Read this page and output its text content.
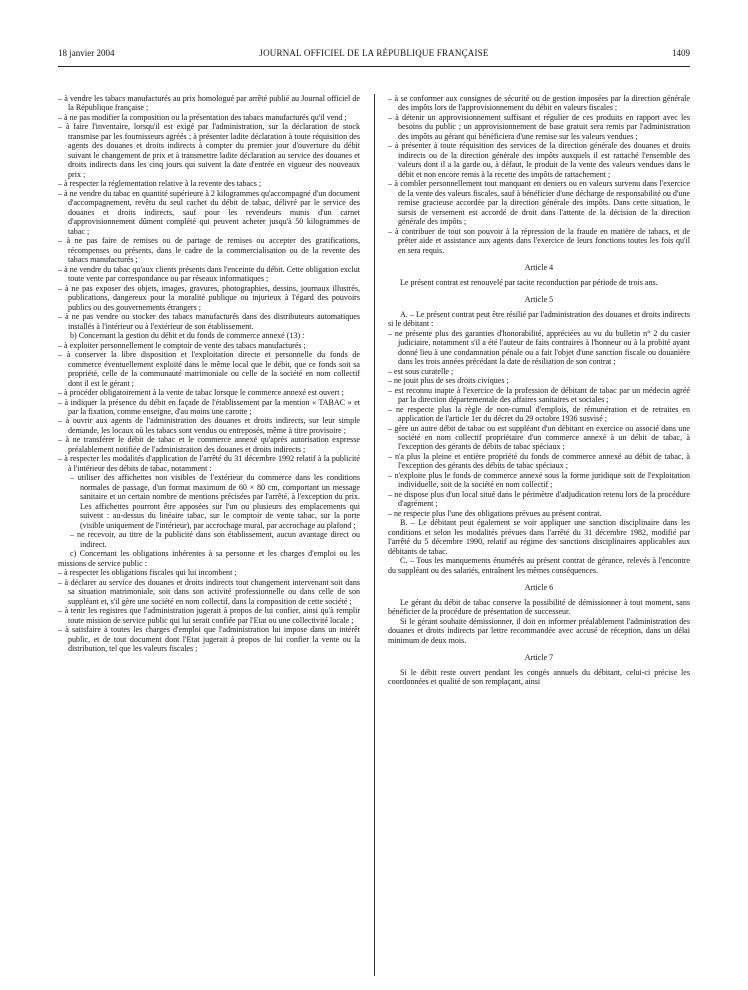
18 janvier 2004	JOURNAL OFFICIEL DE LA RÉPUBLIQUE FRANÇAISE	1409

– à vendre les tabacs manufacturés au prix homologué par arrêté publié au Journal officiel de la République française ;

– à ne pas modifier la composition ou la présentation des tabacs manufacturés qu'il vend ;

– à faire l'inventaire, lorsqu'il est exigé par l'administration, sur la déclaration de stock transmise par les fournisseurs agréés ; à présenter ladite déclaration à toute réquisition des agents des douanes et droits indirects à compter du premier jour d'ouverture du débit suivant le changement de prix et à transmettre ladite déclaration au service des douanes et droits indirects dans les cinq jours qui suivent la date d'entrée en vigueur des nouveaux prix ;

– à respecter la réglementation relative à la revente des tabacs ;

– à ne vendre du tabac en quantité supérieure à 2 kilogrammes qu'accompagné d'un document d'accompagnement, revêtu du seul cachet du débit de tabac, délivré par le service des douanes et droits indirects, sauf pour les revendeurs munis d'un carnet d'approvisionnement dûment complété qui peuvent acheter jusqu'à 50 kilogrammes de tabac ;

– à ne pas faire de remises ou de partage de remises ou accepter des gratifications, récompenses ou présents, dans le cadre de la commercialisation ou de la revente des tabacs manufacturés ;

– à ne vendre du tabac qu'aux clients présents dans l'enceinte du débit. Cette obligation exclut toute vente par correspondance ou par réseaux informatiques ;

– à ne pas exposer des objets, images, gravures, photographies, dessins, journaux illustrés, publications, dangereux pour la moralité publique ou injurieux à l'égard des pouvoirs publics ou des gouvernements étrangers ;

– à ne pas vendre ou stocker des tabacs manufacturés dans des distributeurs automatiques installés à l'intérieur ou à l'extérieur de son établissement.

b) Concernant la gestion du débit et du fonds de commerce annexé (13) :

– à exploiter personnellement le comptoir de vente des tabacs manufacturés ;

– à conserver la libre disposition et l'exploitation directe et personnelle du fonds de commerce éventuellement exploité dans le même local que le débit, que ce fonds soit sa propriété, celle de la communauté matrimoniale ou celle de la société en nom collectif dont il est le gérant ;

– à procéder obligatoirement à la vente de tabac lorsque le commerce annexé est ouvert ;

– à indiquer la présence du débit en façade de l'établissement par la mention « TABAC » et par la fixation, comme enseigne, d'au moins une carotte ;

– à ouvrir aux agents de l'administration des douanes et droits indirects, sur leur simple demande, les locaux où les tabacs sont vendus ou entreposés, même à titre provisoire ;

– à ne transférer le débit de tabac et le commerce annexé qu'après autorisation expresse préalablement notifiée de l'administration des douanes et droits indirects ;

– à respecter les modalités d'application de l'arrêté du 31 décembre 1992 relatif à la publicité à l'intérieur des débits de tabac, notamment :

– utiliser des affichettes non visibles de l'extérieur du commerce dans les conditions normales de passage, d'un format maximum de 60 × 80 cm, comportant un message sanitaire et un certain nombre de mentions précisées par l'arrêté, à l'exception du prix. Les affichettes pourront être apposées sur l'un ou plusieurs des emplacements qui suivent : au-dessus du linéaire tabac, sur le comptoir de vente tabac, sur la porte (visible uniquement de l'intérieur), par accrochage mural, par accrochage au plafond ;

– ne recevoir, au titre de la publicité dans son établissement, aucun avantage direct ou indirect.

c) Concernant les obligations inhérentes à sa personne et les charges d'emploi ou les missions de service public :

– à respecter les obligations fiscales qui lui incombent ;

– à déclarer au service des douanes et droits indirects tout changement intervenant soit dans sa situation matrimoniale, soit dans son activité professionnelle ou dans celle de son suppléant et, s'il gère une société en nom collectif, dans la composition de cette société ;

– à tenir les registres que l'administration jugerait à propos de lui confier, ainsi qu'à remplir toute mission de service public qui lui serait confiée par l'Etat ou une collectivité locale ;

– à satisfaire à toutes les charges d'emploi que l'administration lui impose dans un intérêt public, et de tout document dont l'Etat jugerait à propos de lui confier la vente ou la distribution, tel que les valeurs fiscales ;

– à se conformer aux consignes de sécurité ou de gestion imposées par la direction générale des impôts lors de l'approvisionnement du débit en valeurs fiscales ;

– à détenir un approvisionnement suffisant et régulier de ces produits en rapport avec les besoins du public ; un approvisionnement de base gratuit sera remis par l'administration des impôts au gérant qui bénéficiera d'une remise sur les valeurs vendues ;

– à présenter à toute réquisition des services de la direction générale des douanes et droits indirects ou de la direction générale des impôts auxquels il est rattaché l'ensemble des valeurs dont il a la garde ou, à défaut, le produit de la vente des valeurs vendues dans le débit et non encore remis à la recette des impôts de rattachement ;

– à combler personnellement tout manquant en deniers ou en valeurs survenu dans l'exercice de la vente des valeurs fiscales, sauf à bénéficier d'une décharge de responsabilité ou d'une remise gracieuse accordée par la direction générale des impôts. Dans cette situation, le sursis de versement est accordé de droit dans l'attente de la décision de la direction générale des impôts ;

– à contribuer de tout son pouvoir à la répression de la fraude en matière de tabacs, et de prêter aide et assistance aux agents dans l'exercice de leurs fonctions toutes les fois qu'il en sera requis.

Article 4

Le présent contrat est renouvelé par tacite reconduction par période de trois ans.

Article 5

A. – Le présent contrat peut être résilié par l'administration des douanes et droits indirects si le débitant :

– ne présente plus des garanties d'honorabilité, appréciées au vu du bulletin n° 2 du casier judiciaire, notamment s'il a été l'auteur de faits contraires à l'honneur ou à la probité ayant donné lieu à une condamnation pénale ou a fait l'objet d'une sanction fiscale ou douanière dans les trois années précédant la date de résiliation de son contrat ;

– est sous curatelle ;

– ne jouit plus de ses droits civiques ;

– est reconnu inapte à l'exercice de la profession de débitant de tabac par un médecin agréé par la direction départementale des affaires sanitaires et sociales ;

– ne respecte plus la règle de non-cumul d'emplois, de rémunération et de retraites en application de l'article 1er du décret du 29 octobre 1936 susvisé ;

– gère un autre débit de tabac ou est suppléant d'un débitant en exercice ou associé dans une société en nom collectif propriétaire d'un commerce annexé à un débit de tabac, à l'exception des gérants de débits de tabac spéciaux ;

– n'a plus la pleine et entière propriété du fonds de commerce annexé au débit de tabac, à l'exception des gérants des débits de tabac spéciaux ;

– n'exploite plus le fonds de commerce annexé sous la forme juridique soit de l'exploitation individuelle, soit de la société en nom collectif ;

– ne dispose plus d'un local situé dans le périmètre d'adjudication retenu lors de la procédure d'agrément ;

– ne respecte plus l'une des obligations prévues au présent contrat.

B. – Le débitant peut également se voir appliquer une sanction disciplinaire dans les conditions et selon les modalités prévues dans l'arrêté du 31 décembre 1982, modifié par l'arrêté du 5 décembre 1990, relatif au régime des sanctions disciplinaires applicables aux débitants de tabac.

C. – Tous les manquements énumérés au présent contrat de gérance, relevés à l'encontre du suppléant ou des salariés, entraînent les mêmes conséquences.

Article 6

Le gérant du débit de tabac conserve la possibilité de démissionner à tout moment, sans bénéficier de la procédure de présentation de successeur.

Si le gérant souhaite démissionner, il doit en informer préalablement l'administration des douanes et droits indirects par lettre recommandée avec accusé de réception, dans un délai minimum de deux mois.

Article 7

Si le débit reste ouvert pendant les congés annuels du débitant, celui-ci précise les coordonnées et qualité de son remplaçant, ainsi
